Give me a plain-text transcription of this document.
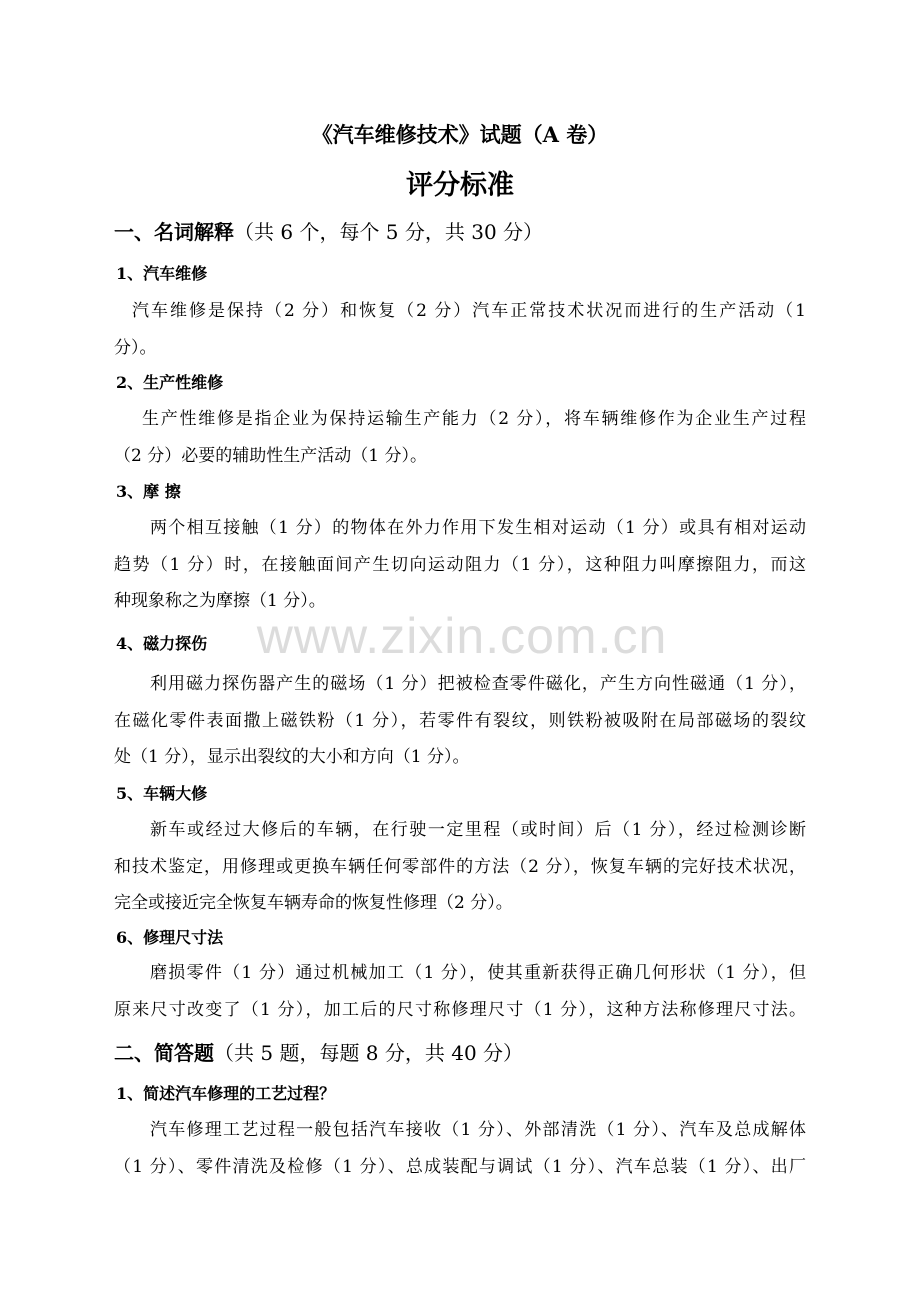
《汽车维修技术》试题（A 卷）
评分标准
一、名词解释（共 6 个，每个 5 分，共 30 分）
1、汽车维修
汽车维修是保持（2 分）和恢复（2 分）汽车正常技术状况而进行的生产活动（1
分）。
2、生产性维修
生产性维修是指企业为保持运输生产能力（2 分），将车辆维修作为企业生产过程
（2 分）必要的辅助性生产活动（1 分）。
3、摩 擦
两个相互接触（1 分）的物体在外力作用下发生相对运动（1 分）或具有相对运动
趋势（1 分）时，在接触面间产生切向运动阻力（1 分），这种阻力叫摩擦阻力，而这
种现象称之为摩擦（1 分）。
4、磁力探伤
利用磁力探伤器产生的磁场（1 分）把被检查零件磁化，产生方向性磁通（1 分），
在磁化零件表面撒上磁铁粉（1 分），若零件有裂纹，则铁粉被吸附在局部磁场的裂纹
处（1 分），显示出裂纹的大小和方向（1 分）。
5、车辆大修
新车或经过大修后的车辆，在行驶一定里程（或时间）后（1 分），经过检测诊断
和技术鉴定，用修理或更换车辆任何零部件的方法（2 分），恢复车辆的完好技术状况，
完全或接近完全恢复车辆寿命的恢复性修理（2 分）。
6、修理尺寸法
磨损零件（1 分）通过机械加工（1 分），使其重新获得正确几何形状（1 分），但
原来尺寸改变了（1 分），加工后的尺寸称修理尺寸（1 分），这种方法称修理尺寸法。
二、简答题（共 5 题，每题 8 分，共 40 分）
1、简述汽车修理的工艺过程？
汽车修理工艺过程一般包括汽车接收（1 分）、外部清洗（1 分）、汽车及总成解体
（1 分）、零件清洗及检修（1 分）、总成装配与调试（1 分）、汽车总装（1 分）、出厂
www.zixin.com.cn
